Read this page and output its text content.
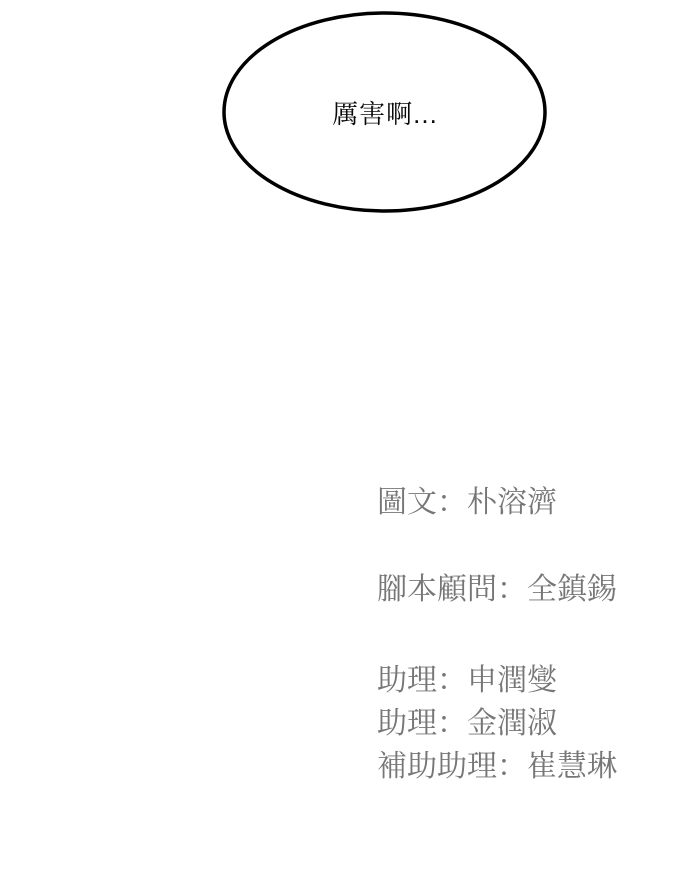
厲害啊...
圖文：朴溶濟
腳本顧問：全鎮錫
助理：申潤燮
助理：金潤淑
補助助理：崔慧琳
